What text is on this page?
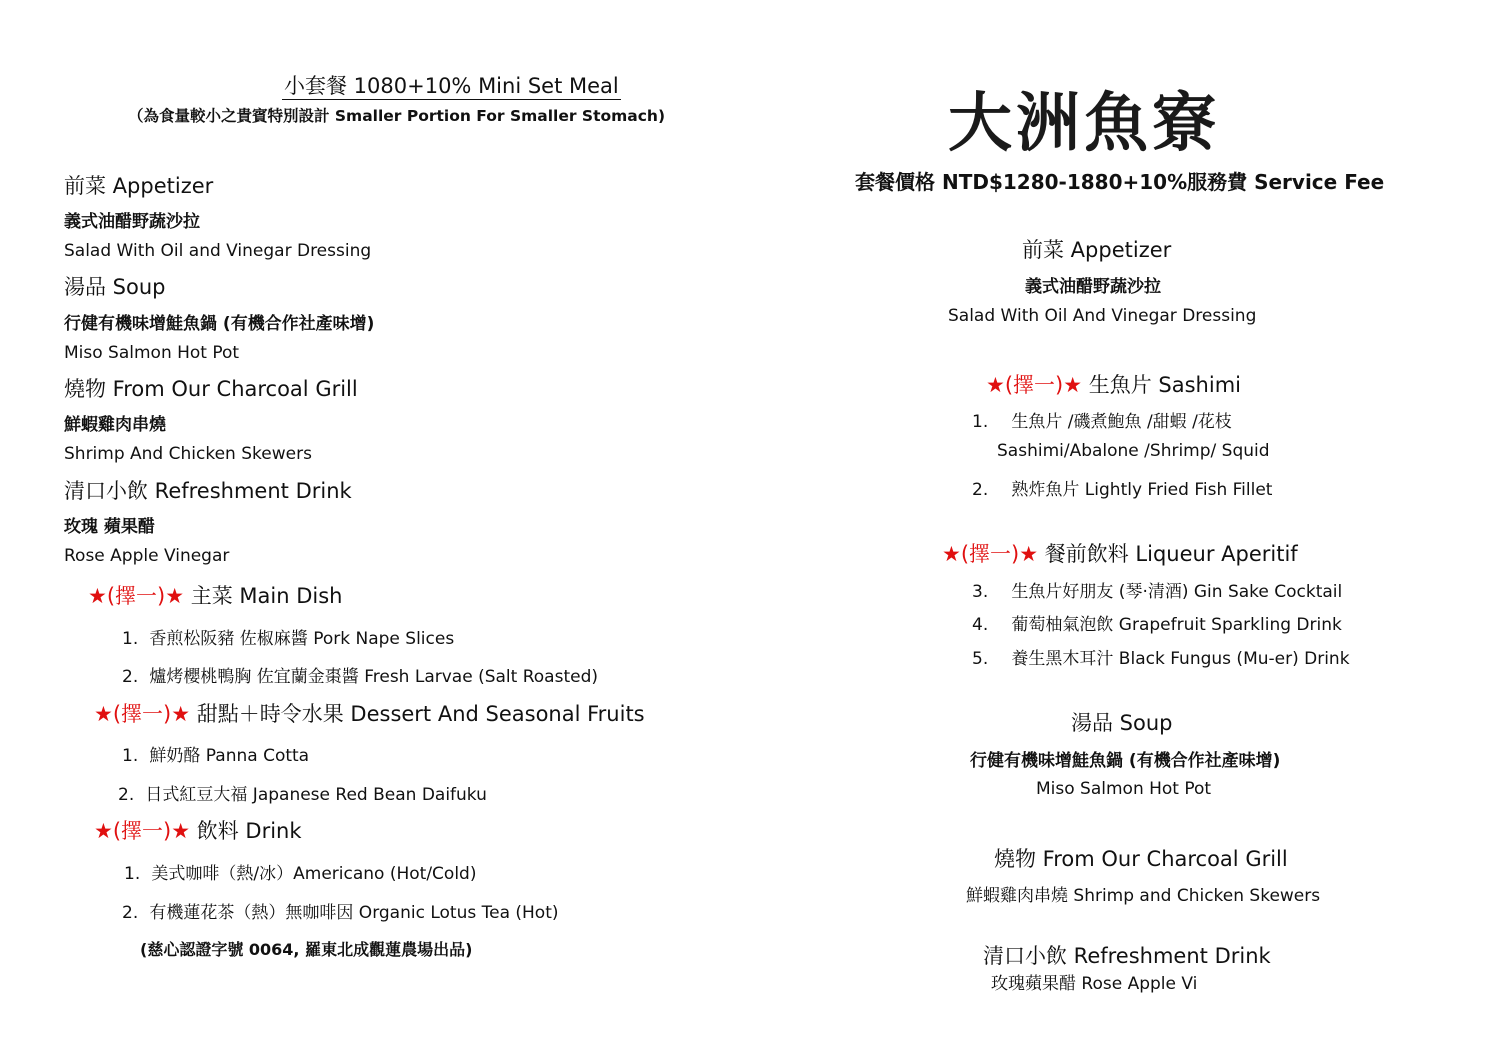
小套餐 1080+10% Mini Set Meal
（為食量較小之貴賓特別設計 Smaller Portion For Smaller Stomach)
前菜 Appetizer
義式油醋野蔬沙拉
Salad With Oil and Vinegar Dressing
湯品 Soup
行健有機味增鮭魚鍋 (有機合作社產味增)
Miso Salmon Hot Pot
燒物 From Our Charcoal Grill
鮮蝦雞肉串燒
Shrimp And Chicken Skewers
清口小飲 Refreshment Drink
玫瑰 蘋果醋
Rose Apple Vinegar
★(擇一)★ 主菜 Main Dish
1. 香煎松阪豬 佐椒麻醬 Pork Nape Slices
2. 爐烤櫻桃鴨胸 佐宜蘭金棗醬 Fresh Larvae (Salt Roasted)
★(擇一)★ 甜點＋時令水果 Dessert And Seasonal Fruits
1. 鮮奶酪 Panna Cotta
2. 日式紅豆大福 Japanese Red Bean Daifuku
★(擇一)★ 飲料 Drink
1. 美式咖啡（熱/冰）Americano (Hot/Cold)
2. 有機蓮花茶（熱）無咖啡因 Organic Lotus Tea (Hot)
(慈心認證字號 0064, 羅東北成觀蓮農場出品)
大洲魚寮
套餐價格 NTD$1280-1880+10%服務費 Service Fee
前菜 Appetizer
義式油醋野蔬沙拉
Salad With Oil And Vinegar Dressing
★(擇一)★ 生魚片 Sashimi
1. 生魚片 /磯煮鮑魚 /甜蝦 /花枝
Sashimi/Abalone /Shrimp/ Squid
2. 熟炸魚片 Lightly Fried Fish Fillet
★(擇一)★ 餐前飲料 Liqueur Aperitif
3. 生魚片好朋友 (琴·清酒) Gin Sake Cocktail
4. 葡萄柚氣泡飲 Grapefruit Sparkling Drink
5. 養生黑木耳汁 Black Fungus (Mu-er) Drink
湯品 Soup
行健有機味增鮭魚鍋 (有機合作社產味增)
Miso Salmon Hot Pot
燒物 From Our Charcoal Grill
鮮蝦雞肉串燒 Shrimp and Chicken Skewers
清口小飲 Refreshment Drink
玫瑰蘋果醋 Rose Apple Vi
